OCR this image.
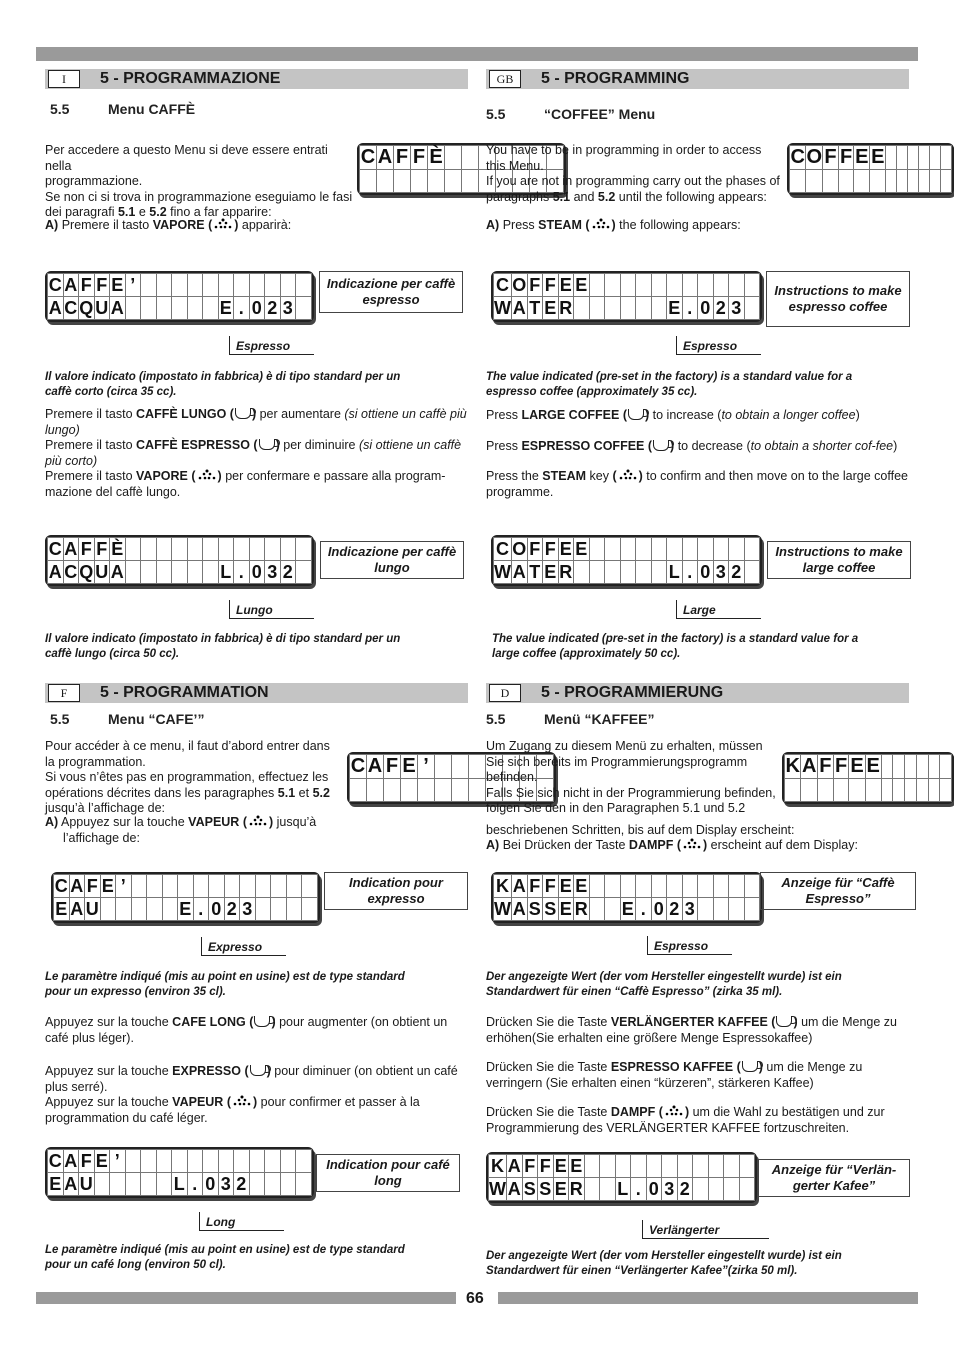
66
I	5 - PROGRAMMAZIONE
5.5	Menu CAFFÈ
Per accedere a questo Menu si deve essere entrati nella
programmazione.
Se non ci si trova in programmazione eseguiamo le fasi
dei paragrafi 5.1 e 5.2 fino a far apparire:
C	A	F	F	È							

A) Premere il tasto VAPORE ( ) apparirà:
C	A	F	F	E	’											
A	C	Q	U	A							E	.	0	2	3	
Indicazione per caffè espresso
Espresso
Il valore indicato (impostato in fabbrica) è di tipo standard per un
caffè corto (circa 35 cc).
Premere il tasto CAFFÈ LUNGO ( ) per aumentare (si ottiene un caffè più lungo)
Premere il tasto CAFFÈ ESPRESSO ( ) per diminuire (si ottiene un caffè più corto)
Premere il tasto VAPORE ( ) per confermare e passare alla program-mazione del caffè lungo.
C	A	F	F	È												
A	C	Q	U	A							L	.	0	3	2	
Indicazione per caffè lungo
Lungo
Il valore indicato (impostato in fabbrica) è di tipo standard per un
caffè lungo (circa 50 cc).
GB	5 - PROGRAMMING
5.5	“COFFEE” Menu
You have to be in programming in order to access
this Menu.
If you are not in programming carry out the phases of
paragraphs 5.1 and 5.2 until the following appears:
C	O	F	F	E	E						

A) Press STEAM ( ) the following appears:
C	O	F	F	E	E											
W	A	T	E	R							E	.	0	2	3	
Instructions to make espresso coffee
Espresso
The value indicated (pre-set in the factory) is a standard value for a
espresso coffee (approximately 35 cc).
Press LARGE COFFEE ( ) to increase (to obtain a longer coffee)
Press ESPRESSO COFFEE ( ) to decrease (to obtain a shorter cof-fee)
Press the STEAM key ( ) to confirm and then move on to the large coffee programme.
C	O	F	F	E	E											
W	A	T	E	R							L	.	0	3	2	
Instructions to make large coffee
Large
The value indicated (pre-set in the factory) is a standard value for a
large coffee (approximately 50 cc).
F	5 - PROGRAMMATION
5.5	Menu “CAFE’”
Pour accéder à ce menu, il faut d’abord entrer dans
la programmation.
Si vous n’êtes pas en programmation, effectuez les
opérations décrites dans les paragraphes 5.1 et 5.2
jusqu’à l’affichage de:
C	A	F	E	’							

A) Appuyez sur la touche VAPEUR ( ) jusqu’à
l’affichage de:
C	A	F	E	’												
E	A	U						E	.	0	2	3				
Indication pour expresso
Expresso
Le paramètre indiqué (mis au point en usine) est de type standard
pour un expresso (environ 35 cl).
Appuyez sur la touche CAFE LONG ( ) pour augmenter (on obtient un café plus léger).
Appuyez sur la touche EXPRESSO ( ) pour diminuer (on obtient un café plus serré).
Appuyez sur la touche VAPEUR ( ) pour confirmer et passer à la programmation du café léger.
C	A	F	E	’												
E	A	U						L	.	0	3	2				
Indication pour café long
Long
Le paramètre indiqué (mis au point en usine) est de type standard
pour un café long (environ 50 cl).
D	5 - PROGRAMMIERUNG
5.5	Menü “KAFFEE”
Um Zugang zu diesem Menü zu erhalten, müssen
Sie sich bereits im Programmierungsprogramm
befinden.
Falls Sie sich nicht in der Programmierung befinden,
folgen Sie den in den Paragraphen 5.1 und 5.2
beschriebenen Schritten, bis auf dem Display erscheint:
K	A	F	F	E	E						

A) Bei Drücken der Taste DAMPF ( ) erscheint auf dem Display:
K	A	F	F	E	E											
W	A	S	S	E	R			E	.	0	2	3				
Anzeige für “Caffè Espresso”
Espresso
Der angezeigte Wert (der vom Hersteller eingestellt wurde) ist ein
Standardwert für einen “Caffè Espresso” (zirka 35 ml).
Drücken Sie die Taste VERLÄNGERTER KAFFEE ( ) um die Menge zu erhöhen(Sie erhalten eine größere Menge Espressokaffee)
Drücken Sie die Taste ESPRESSO KAFFEE ( ) um die Menge zu verringern (Sie erhalten einen “kürzeren”, stärkeren Kaffee)
Drücken Sie die Taste DAMPF ( ) um die Wahl zu bestätigen und zur Programmierung des VERLÄNGERTER KAFFEE fortzuschreiten.
K	A	F	F	E	E											
W	A	S	S	E	R			L	.	0	3	2				
Anzeige für “Verlän-gerter Kafee”
Verlängerter
Der angezeigte Wert (der vom Hersteller eingestellt wurde) ist ein
Standardwert für einen “Verlängerter Kafee”(zirka 50 ml).
